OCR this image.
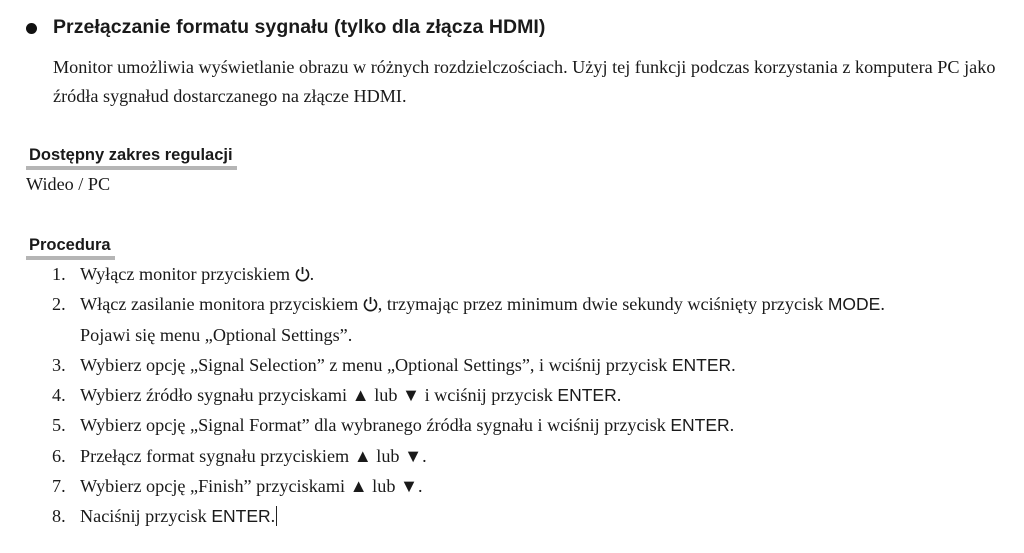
Przełączanie formatu sygnału (tylko dla złącza HDMI)

Monitor umożliwia wyświetlanie obrazu w różnych rozdzielczościach. Użyj tej funkcji podczas korzystania z komputera PC jako źródła sygnałud dostarczanego na złącze HDMI.

Dostępny zakres regulacji
Wideo / PC
Procedura
1. Wyłącz monitor przyciskiem .
2. Włącz zasilanie monitora przyciskiem , trzymając przez minimum dwie sekundy wciśnięty przycisk MODE.
Pojawi się menu „Optional Settings”.
3. Wybierz opcję „Signal Selection” z menu „Optional Settings”, i wciśnij przycisk ENTER.
4. Wybierz źródło sygnału przyciskami ▲ lub ▼ i wciśnij przycisk ENTER.
5. Wybierz opcję „Signal Format” dla wybranego źródła sygnału i wciśnij przycisk ENTER.
6. Przełącz format sygnału przyciskiem ▲ lub ▼.
7. Wybierz opcję „Finish” przyciskami ▲ lub ▼.
8. Naciśnij przycisk ENTER.
